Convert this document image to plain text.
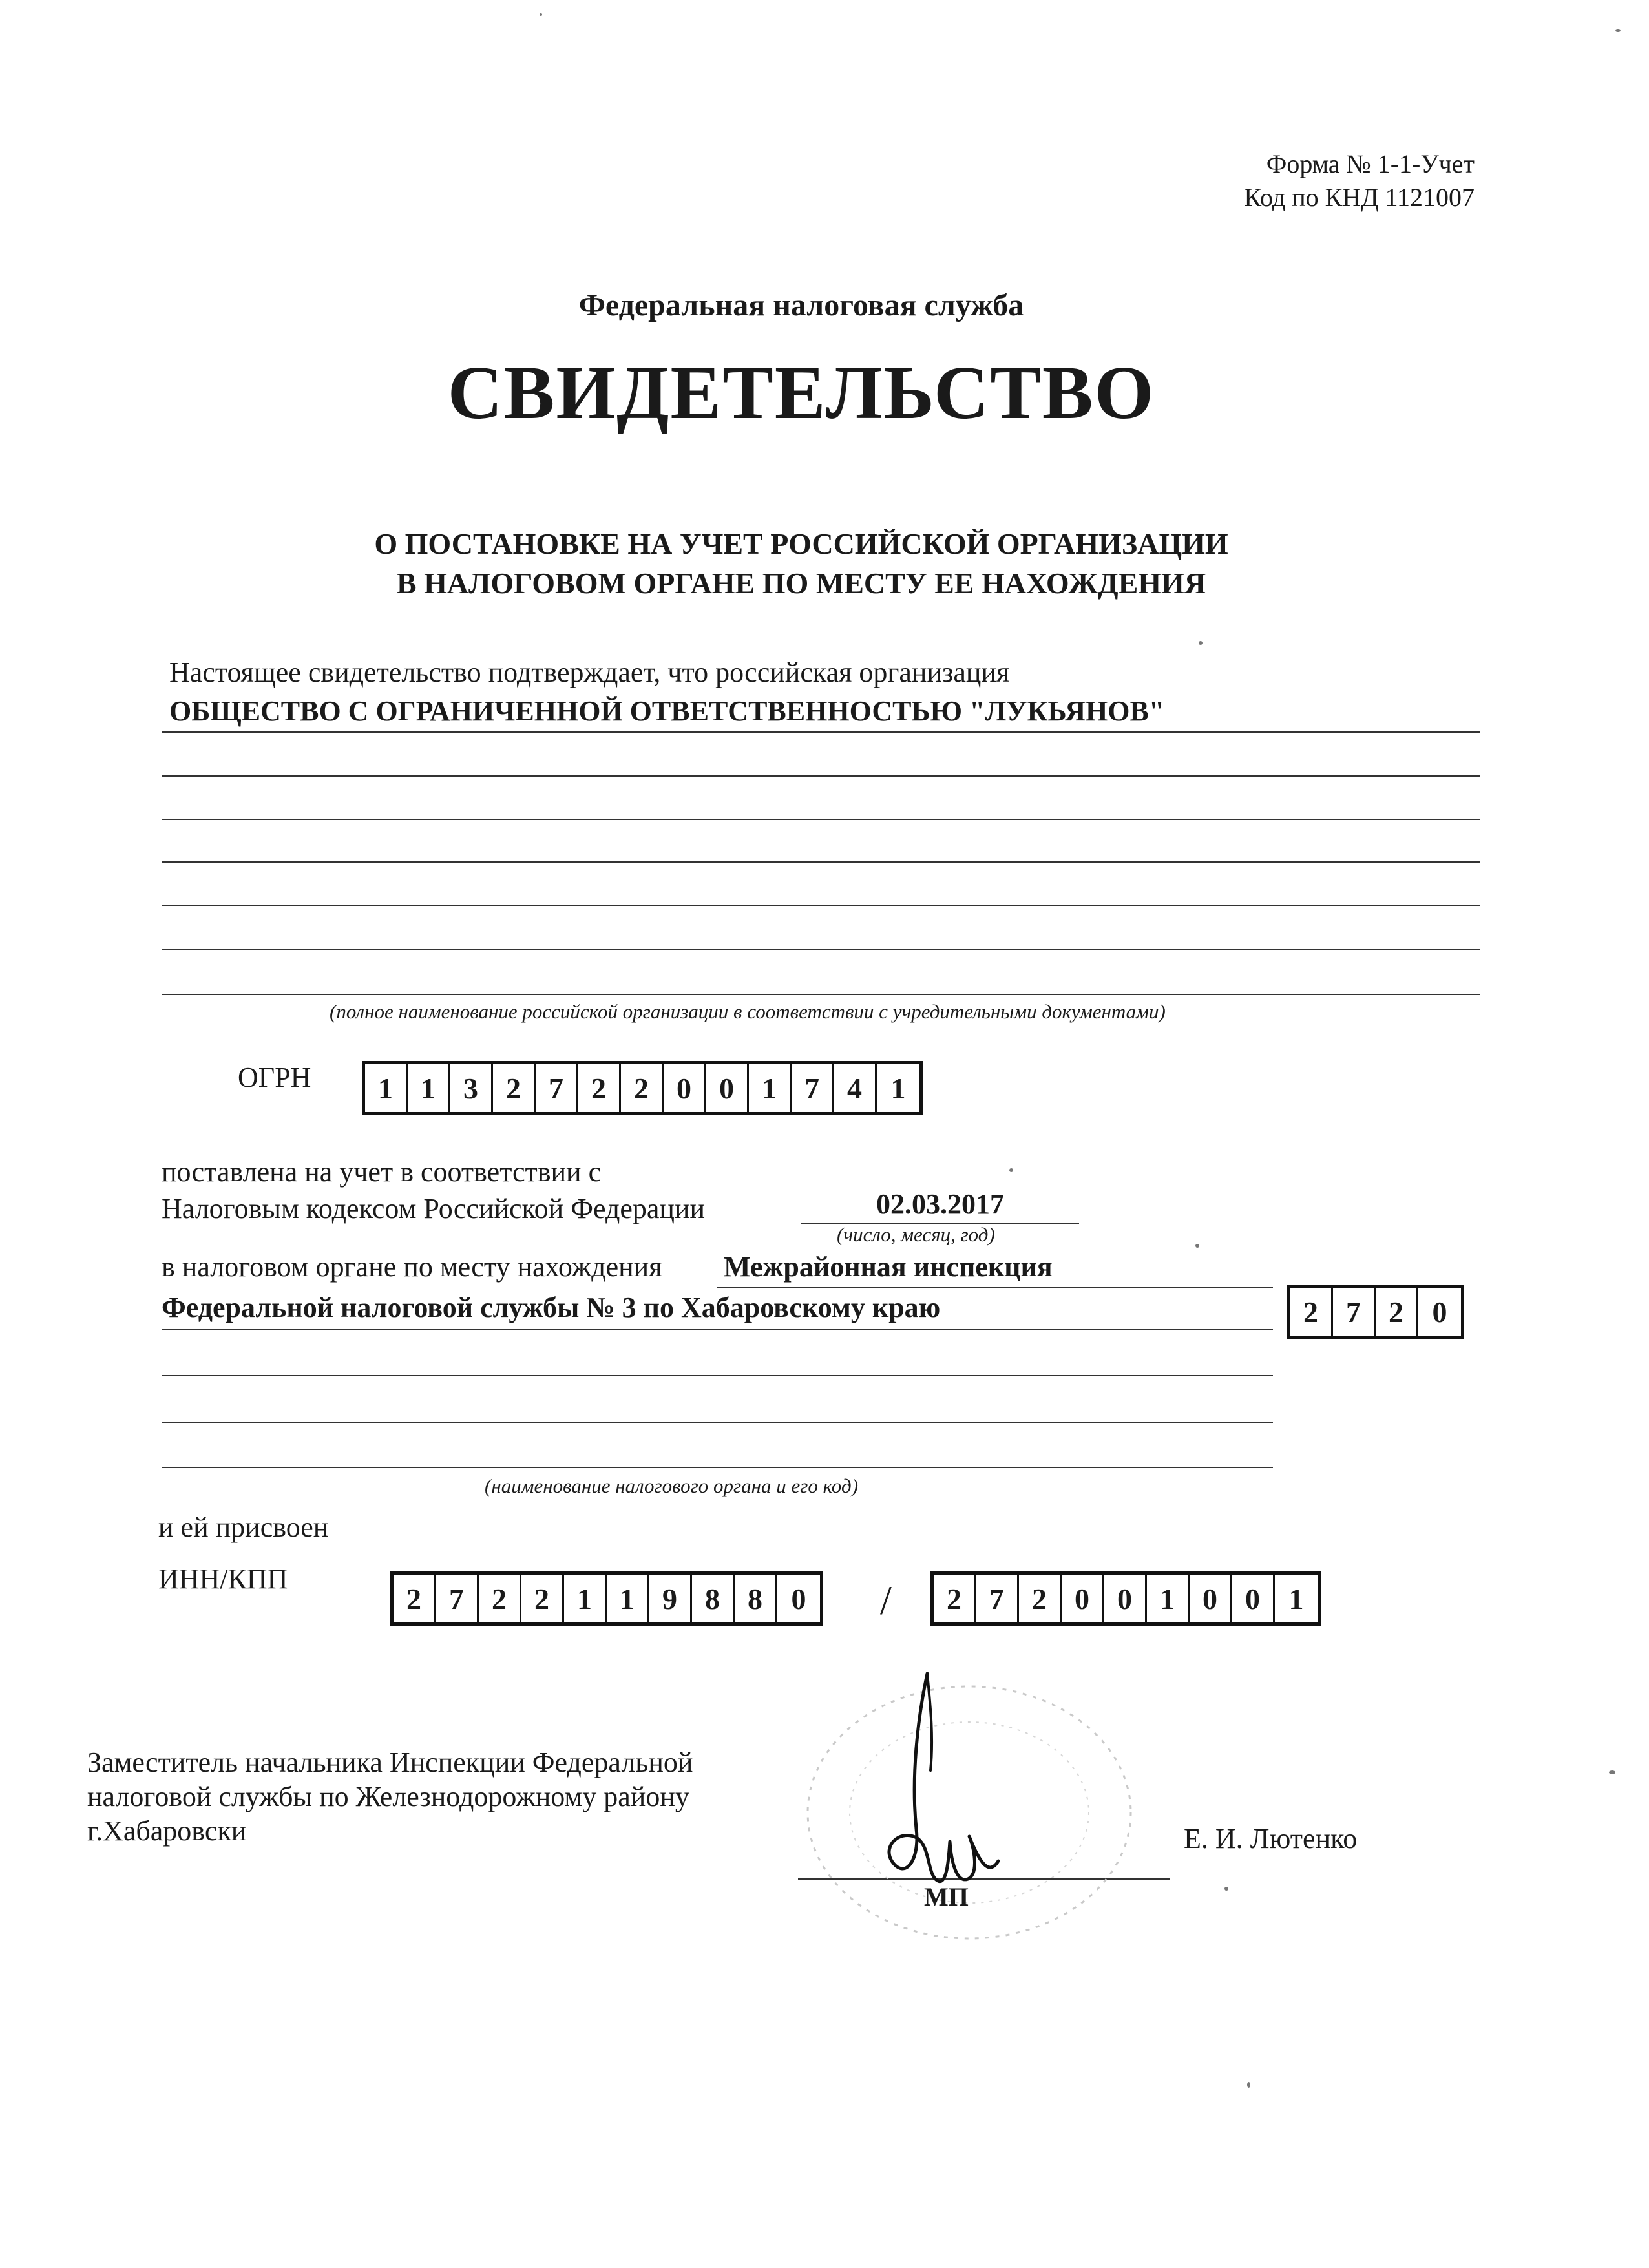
Форма № 1-1-Учет
Код по КНД 1121007
Федеральная налоговая служба
СВИДЕТЕЛЬСТВО
О ПОСТАНОВКЕ НА УЧЕТ РОССИЙСКОЙ ОРГАНИЗАЦИИ
В НАЛОГОВОМ ОРГАНЕ ПО МЕСТУ ЕЕ НАХОЖДЕНИЯ
Настоящее свидетельство подтверждает, что российская организация
ОБЩЕСТВО С ОГРАНИЧЕННОЙ ОТВЕТСТВЕННОСТЬЮ "ЛУКЬЯНОВ"
(полное наименование российской организации в соответствии с учредительными документами)
ОГРН	1 1 3 2 7 2 2 0 0 1 7 4 1
поставлена на учет в соответствии с
Налоговым кодексом Российской Федерации	02.03.2017
(число, месяц, год)
в налоговом органе по месту нахождения Межрайонная инспекция
Федеральной налоговой службы № 3 по Хабаровскому краю	2 7 2 0
(наименование налогового органа и его код)
и ей присвоен
ИНН/КПП
2 7 2 2 1 1 9 8 8 0	/	2 7 2 0 0 1 0 0 1
Заместитель начальника Инспекции Федеральной
налоговой службы по Железнодорожному району
г.Хабаровски	Е. И. Лютенко
МП
